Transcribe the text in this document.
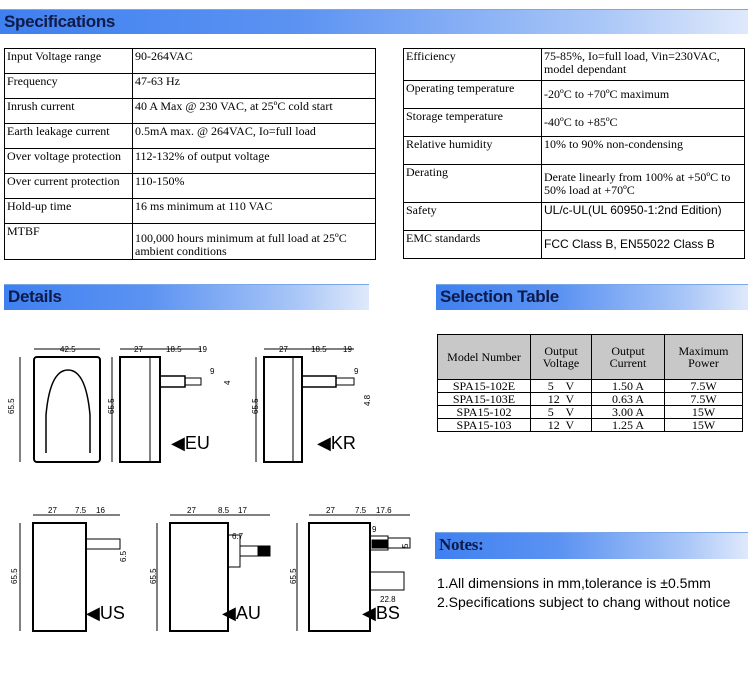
Specifications
Input Voltage range	90-264VAC
Frequency	47-63 Hz
Inrush current	40 A Max @ 230 VAC, at 25ºC cold start
Earth leakage current	0.5mA max. @ 264VAC, Io=full load
Over voltage protection	112-132% of output voltage
Over current protection	110-150%
Hold-up time	16 ms minimum at 110 VAC
MTBF	100,000 hours minimum at full load at 25ºC ambient conditions
Efficiency	75-85%, Io=full load, Vin=230VAC, model dependant
Operating temperature	-20ºC to +70ºC maximum
Storage temperature	-40ºC to +85ºC
Relative humidity	10% to 90% non-condensing
Derating	Derate linearly from 100% at +50ºC to 50% load at +70ºC
Safety	UL/c-UL(UL 60950-1:2nd Edition)
EMC standards	FCC Class B, EN55022 Class B
Details	Selection Table
Model Number	Output Voltage	Output Current	Maximum Power
SPA15-102E	5    V	1.50 A	7.5W
SPA15-103E	12  V	0.63 A	7.5W
SPA15-102	5    V	3.00 A	15W
SPA15-103	12  V	1.25 A	15W
42.5
65.5
27	18.5 19
9
4
65.5
27	18.5 19
9
4.8
65.5
27 7.5 16
6.5
65.5
27	8.5 17
6.7
65.5
27	7.5 17.6
9
5
22.8
65.5
◀EU	◀KR
◀US	◀AU	◀BS
Notes:
1.All dimensions in mm,tolerance is ±0.5mm
2.Specifications subject to chang without notice
